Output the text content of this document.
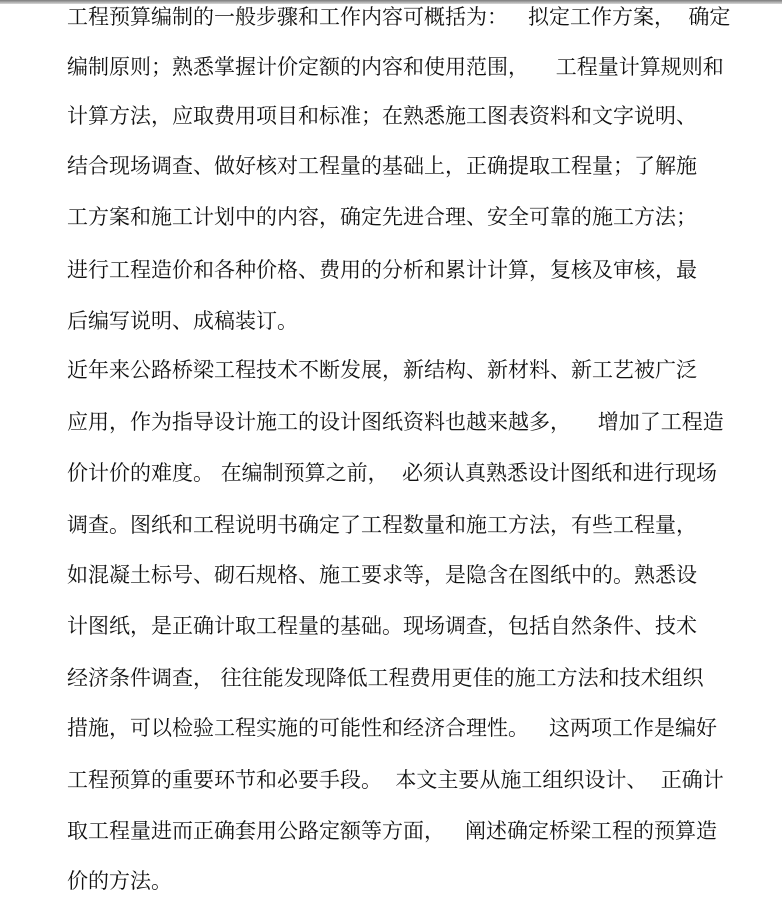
工程预算编制的一般步骤和工作内容可概括为：   拟定工作方案，  确定
编制原则；熟悉掌握计价定额的内容和使用范围，    工程量计算规则和
计算方法，应取费用项目和标准；在熟悉施工图表资料和文字说明、
结合现场调查、做好核对工程量的基础上，正确提取工程量；了解施
工方案和施工计划中的内容，确定先进合理、安全可靠的施工方法；
进行工程造价和各种价格、费用的分析和累计计算，复核及审核，最
后编写说明、成稿装订。
近年来公路桥梁工程技术不断发展，新结构、新材料、新工艺被广泛
应用，作为指导设计施工的设计图纸资料也越来越多，    增加了工程造
价计价的难度。 在编制预算之前，  必须认真熟悉设计图纸和进行现场
调查。图纸和工程说明书确定了工程数量和施工方法，有些工程量，
如混凝土标号、砌石规格、施工要求等，是隐含在图纸中的。熟悉设
计图纸，是正确计取工程量的基础。现场调查，包括自然条件、技术
经济条件调查， 往往能发现降低工程费用更佳的施工方法和技术组织
措施，可以检验工程实施的可能性和经济合理性。   这两项工作是编好
工程预算的重要环节和必要手段。  本文主要从施工组织设计、  正确计
取工程量进而正确套用公路定额等方面，   阐述确定桥梁工程的预算造
价的方法。
